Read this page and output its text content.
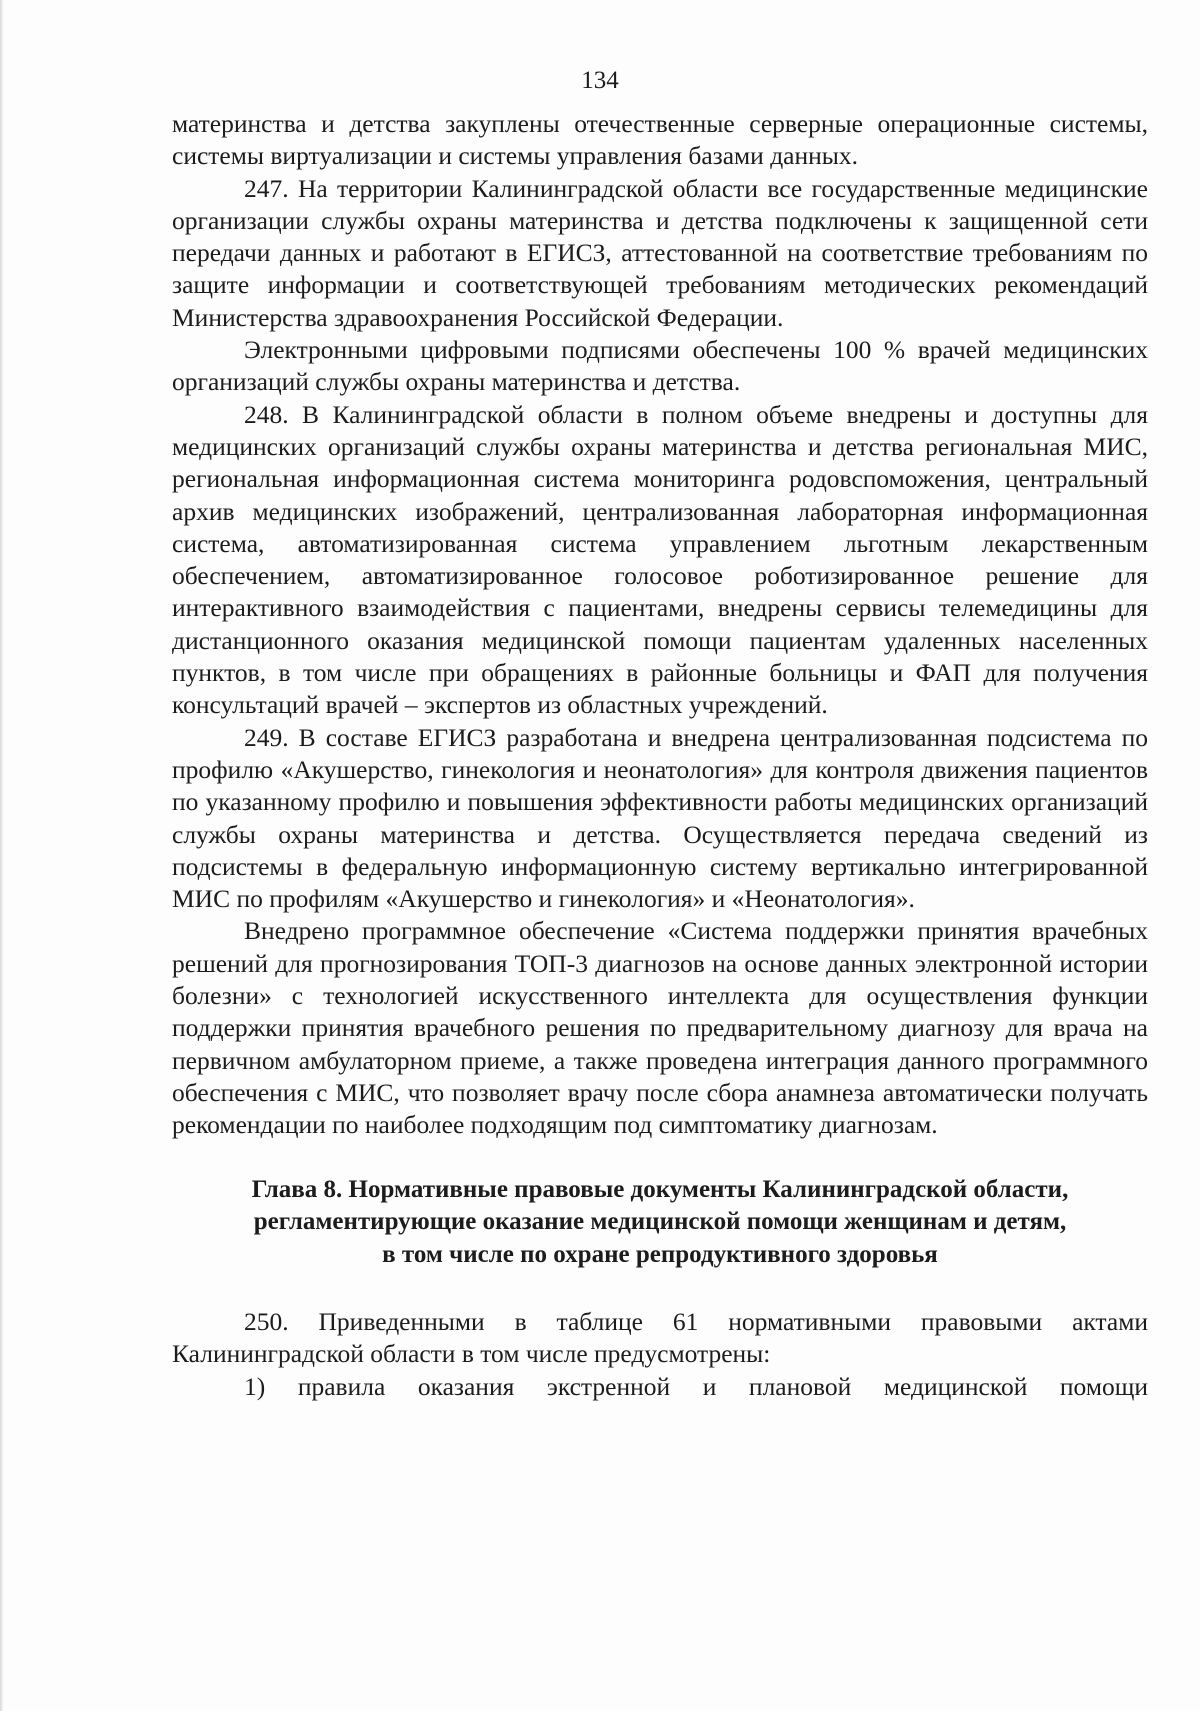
134

материнства и детства закуплены отечественные серверные операционные системы, системы виртуализации и системы управления базами данных.

247. На территории Калининградской области все государственные медицинские организации службы охраны материнства и детства подключены к защищенной сети передачи данных и работают в ЕГИСЗ, аттестованной на соответствие требованиям по защите информации и соответствующей требованиям методических рекомендаций Министерства здравоохранения Российской Федерации.

Электронными цифровыми подписями обеспечены 100 % врачей медицинских организаций службы охраны материнства и детства.

248. В Калининградской области в полном объеме внедрены и доступны для медицинских организаций службы охраны материнства и детства региональная МИС, региональная информационная система мониторинга родовспоможения, центральный архив медицинских изображений, централизованная лабораторная информационная система, автоматизированная система управлением льготным лекарственным обеспечением, автоматизированное голосовое роботизированное решение для интерактивного взаимодействия с пациентами, внедрены сервисы телемедицины для дистанционного оказания медицинской помощи пациентам удаленных населенных пунктов, в том числе при обращениях в районные больницы и ФАП для получения консультаций врачей – экспертов из областных учреждений.

249. В составе ЕГИСЗ разработана и внедрена централизованная подсистема по профилю «Акушерство, гинекология и неонатология» для контроля движения пациентов по указанному профилю и повышения эффективности работы медицинских организаций службы охраны материнства и детства. Осуществляется передача сведений из подсистемы в федеральную информационную систему вертикально интегрированной МИС по профилям «Акушерство и гинекология» и «Неонатология».

Внедрено программное обеспечение «Система поддержки принятия врачебных решений для прогнозирования ТОП-3 диагнозов на основе данных электронной истории болезни» с технологией искусственного интеллекта для осуществления функции поддержки принятия врачебного решения по предварительному диагнозу для врача на первичном амбулаторном приеме, а также проведена интеграция данного программного обеспечения с МИС, что позволяет врачу после сбора анамнеза автоматически получать рекомендации по наиболее подходящим под симптоматику диагнозам.

Глава 8. Нормативные правовые документы Калининградской области,
регламентирующие оказание медицинской помощи женщинам и детям,
в том числе по охране репродуктивного здоровья

250. Приведенными в таблице 61 нормативными правовыми актами Калининградской области в том числе предусмотрены:

1) правила оказания экстренной и плановой медицинской помощи
